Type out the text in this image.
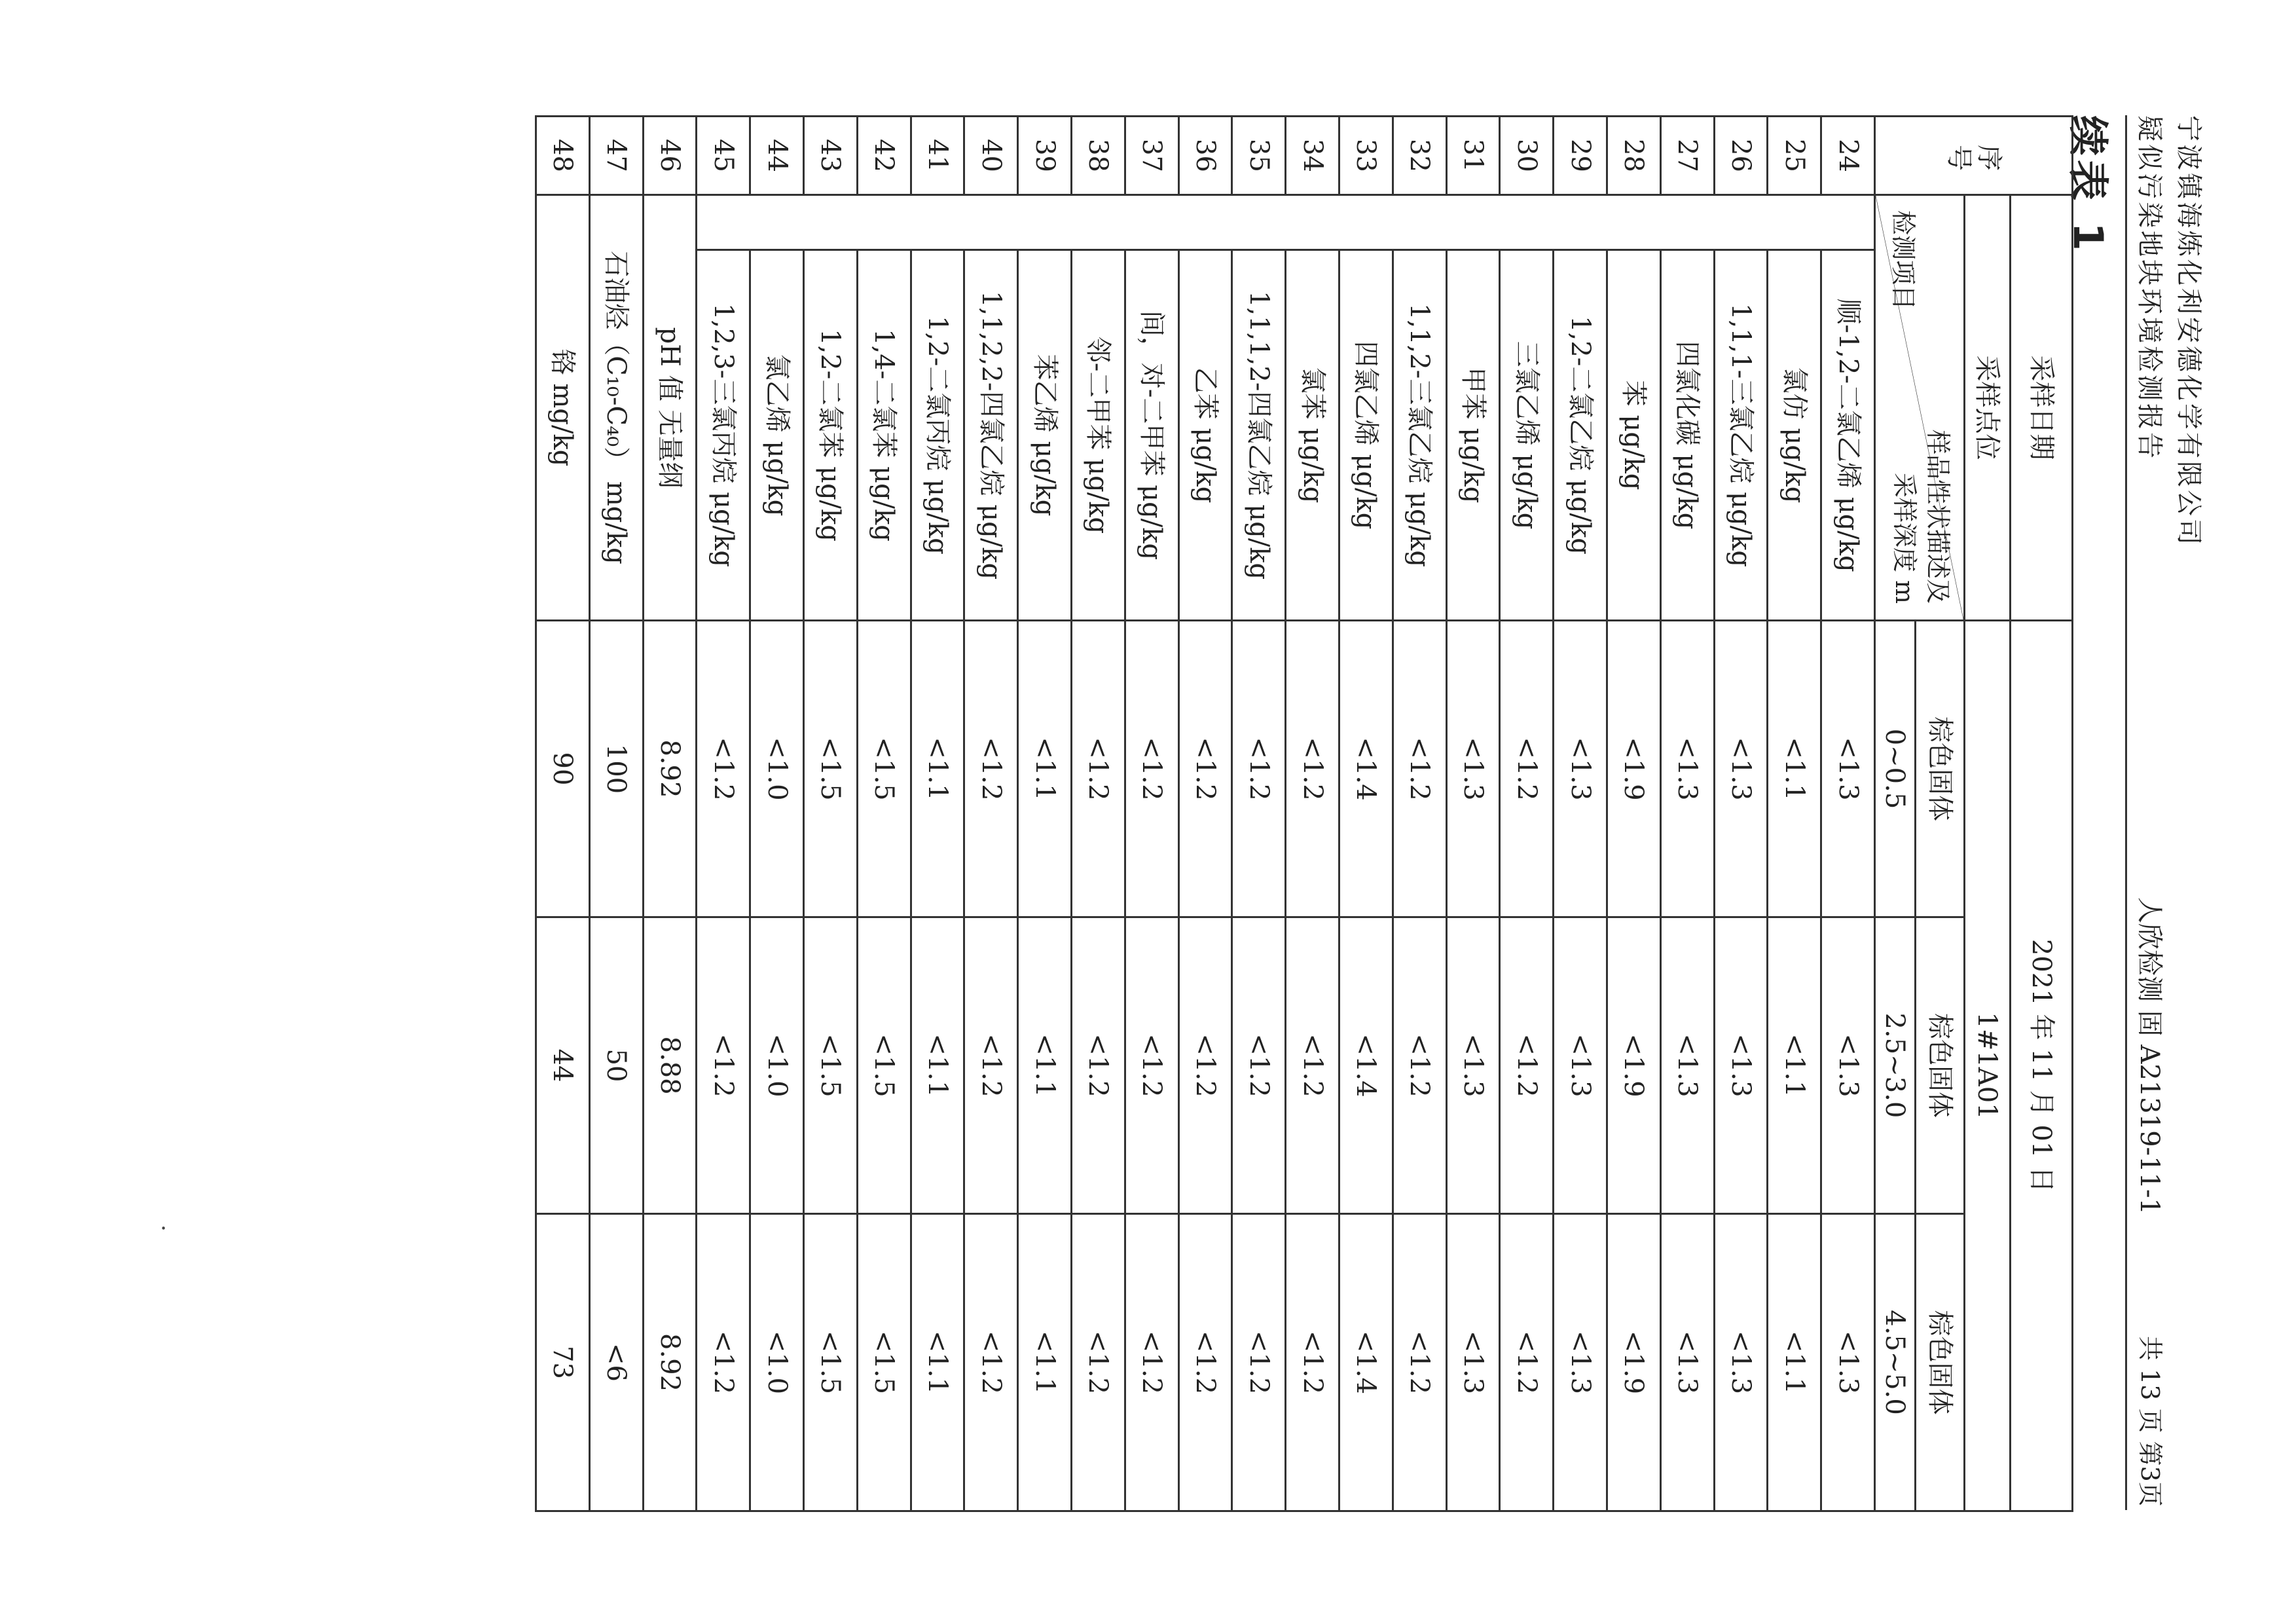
宁波镇海炼化利安德化学有限公司
疑似污染地块环境检测报告
人欣检测 固 A21319-11-1
共 13 页 第3页
续表 1
序号	采样日期		2021 年 11 月 01 日		
	采样点位		1#1A01		

	样品性状描述及
采样深度 m
检测项目		棕色固体	棕色固体	棕色固体
			0~0.5	2.5~3.0	4.5~5.0
24		顺-1,2-二氯乙烯 μg/kg	<1.3	<1.3	<1.3
25		氯仿 μg/kg	<1.1	<1.1	<1.1
26		1,1,1-三氯乙烷 μg/kg	<1.3	<1.3	<1.3
27		四氯化碳 μg/kg	<1.3	<1.3	<1.3
28		苯 μg/kg	<1.9	<1.9	<1.9
29		1,2-二氯乙烷 μg/kg	<1.3	<1.3	<1.3
30		三氯乙烯 μg/kg	<1.2	<1.2	<1.2
31		甲苯 μg/kg	<1.3	<1.3	<1.3
32		1,1,2-三氯乙烷 μg/kg	<1.2	<1.2	<1.2
33		四氯乙烯 μg/kg	<1.4	<1.4	<1.4
34		氯苯 μg/kg	<1.2	<1.2	<1.2
35		1,1,1,2-四氯乙烷 μg/kg	<1.2	<1.2	<1.2
36		乙苯 μg/kg	<1.2	<1.2	<1.2
37		间，对-二甲苯 μg/kg	<1.2	<1.2	<1.2
38		邻-二甲苯 μg/kg	<1.2	<1.2	<1.2
39		苯乙烯 μg/kg	<1.1	<1.1	<1.1
40		1,1,2,2-四氯乙烷 μg/kg	<1.2	<1.2	<1.2
41		1,2-二氯丙烷 μg/kg	<1.1	<1.1	<1.1
42		1,4-二氯苯 μg/kg	<1.5	<1.5	<1.5
43		1,2-二氯苯 μg/kg	<1.5	<1.5	<1.5
44		氯乙烯 μg/kg	<1.0	<1.0	<1.0
45		1,2,3-三氯丙烷 μg/kg	<1.2	<1.2	<1.2
46	pH 值 无量纲		8.92	8.88	8.92
47	石油烃（C₁₀-C₄₀） mg/kg		100	50	<6
48	铬 mg/kg		90	44	73
·
